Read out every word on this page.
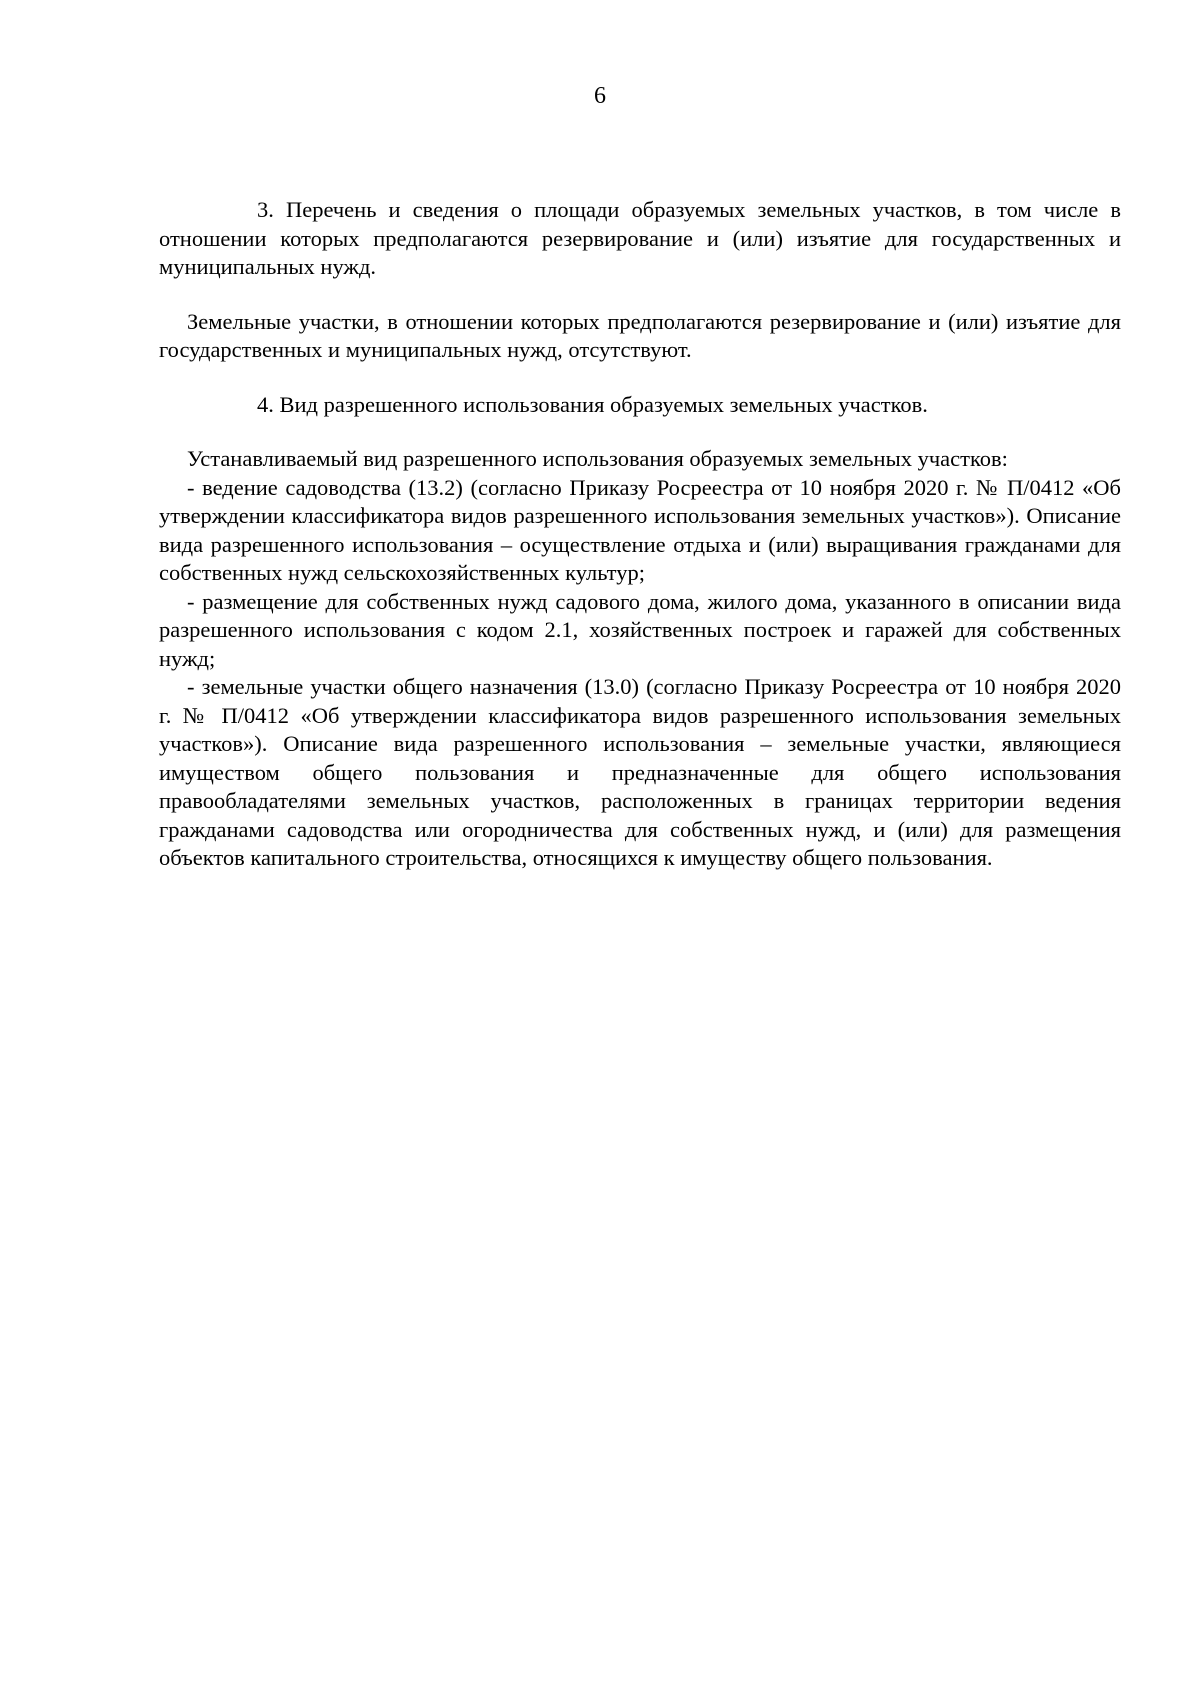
6

3. Перечень и сведения о площади образуемых земельных участков, в том числе в отношении которых предполагаются резервирование и (или) изъятие для государственных и муниципальных нужд.

Земельные участки, в отношении которых предполагаются резервирование и (или) изъятие для государственных и муниципальных нужд, отсутствуют.

4. Вид разрешенного использования образуемых земельных участков.

Устанавливаемый вид разрешенного использования образуемых земельных участков:

- ведение садоводства (13.2) (согласно Приказу Росреестра от 10 ноября 2020 г. № П/0412 «Об утверждении классификатора видов разрешенного использования земельных участков»). Описание вида разрешенного использования – осуществление отдыха и (или) выращивания гражданами для собственных нужд сельскохозяйственных культур;

- размещение для собственных нужд садового дома, жилого дома, указанного в описании вида разрешенного использования с кодом 2.1, хозяйственных построек и гаражей для собственных нужд;

- земельные участки общего назначения (13.0) (согласно Приказу Росреестра от 10 ноября 2020 г. № П/0412 «Об утверждении классификатора видов разрешенного использования земельных участков»). Описание вида разрешенного использования – земельные участки, являющиеся имуществом общего пользования и предназначенные для общего использования правообладателями земельных участков, расположенных в границах территории ведения гражданами садоводства или огородничества для собственных нужд, и (или) для размещения объектов капитального строительства, относящихся к имуществу общего пользования.
